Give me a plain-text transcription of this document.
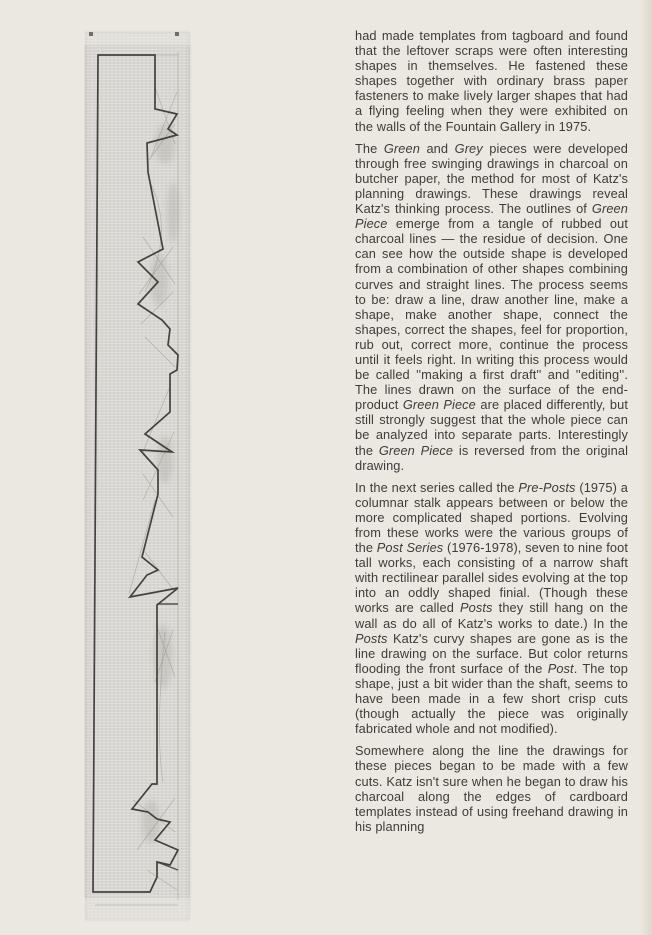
had made templates from tagboard and found that the leftover scraps were often interesting shapes in themselves. He fastened these shapes together with ordinary brass paper fasteners to make lively larger shapes that had a flying feeling when they were exhibited on the walls of the Fountain Gallery in 1975.

The Green and Grey pieces were developed through free swinging drawings in charcoal on butcher paper, the method for most of Katz's planning drawings. These drawings reveal Katz's thinking process. The outlines of Green Piece emerge from a tangle of rubbed out charcoal lines — the residue of decision. One can see how the outside shape is developed from a combination of other shapes combining curves and straight lines. The process seems to be: draw a line, draw another line, make a shape, make another shape, connect the shapes, correct the shapes, feel for proportion, rub out, correct more, continue the process until it feels right. In writing this process would be called ''making a first draft'' and ''editing''. The lines drawn on the surface of the end-product Green Piece are placed differently, but still strongly suggest that the whole piece can be analyzed into separate parts. Interestingly the Green Piece is reversed from the original drawing.

In the next series called the Pre-Posts (1975) a columnar stalk appears between or below the more complicated shaped portions. Evolving from these works were the various groups of the Post Series (1976-1978), seven to nine foot tall works, each consisting of a narrow shaft with rectilinear parallel sides evolving at the top into an oddly shaped finial. (Though these works are called Posts they still hang on the wall as do all of Katz's works to date.) In the Posts Katz's curvy shapes are gone as is the line drawing on the surface. But color returns flooding the front surface of the Post. The top shape, just a bit wider than the shaft, seems to have been made in a few short crisp cuts (though actually the piece was originally fabricated whole and not modified).

Somewhere along the line the drawings for these pieces began to be made with a few cuts. Katz isn't sure when he began to draw his charcoal along the edges of cardboard templates instead of using freehand drawing in his planning
